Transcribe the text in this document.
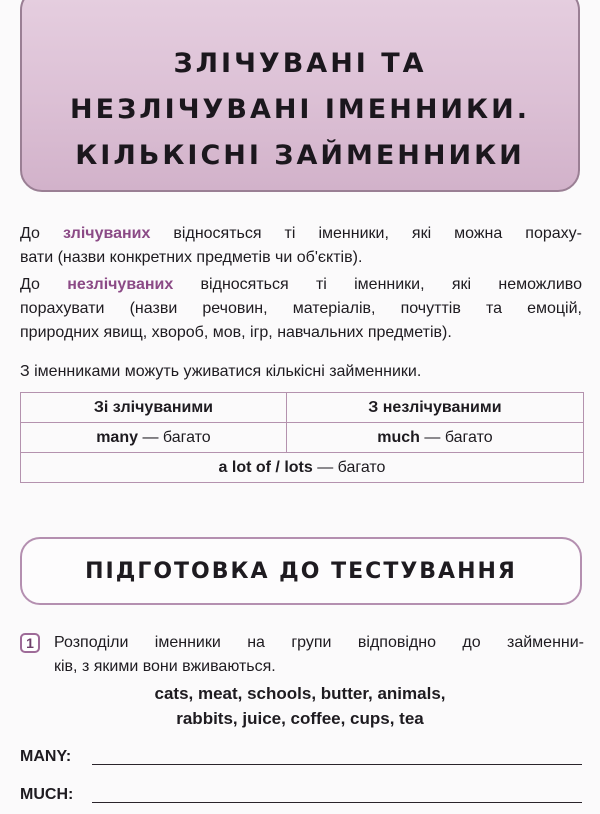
ЗЛІЧУВАНІ ТА
НЕЗЛІЧУВАНІ ІМЕННИКИ.
КІЛЬКІСНІ ЗАЙМЕННИКИ
До злічуваних відносяться ті іменники, які можна пораху-
вати (назви конкретних предметів чи об'єктів).
До незлічуваних відносяться ті іменники, які неможливо
порахувати (назви речовин, матеріалів, почуттів та емоцій,
природних явищ, хвороб, мов, ігр, навчальних предметів).
З іменниками можуть уживатися кількісні займенники.
Зі злічуваними	З незлічуваними
many — багато	much — багато
a lot of / lots — багато	
ПІДГОТОВКА ДО ТЕСТУВАННЯ
1	Розподіли іменники на групи відповідно до займенни-
ків, з якими вони вживаються.
cats, meat, schools, butter, animals,
rabbits, juice, coffee, cups, tea
MANY:
MUCH:
